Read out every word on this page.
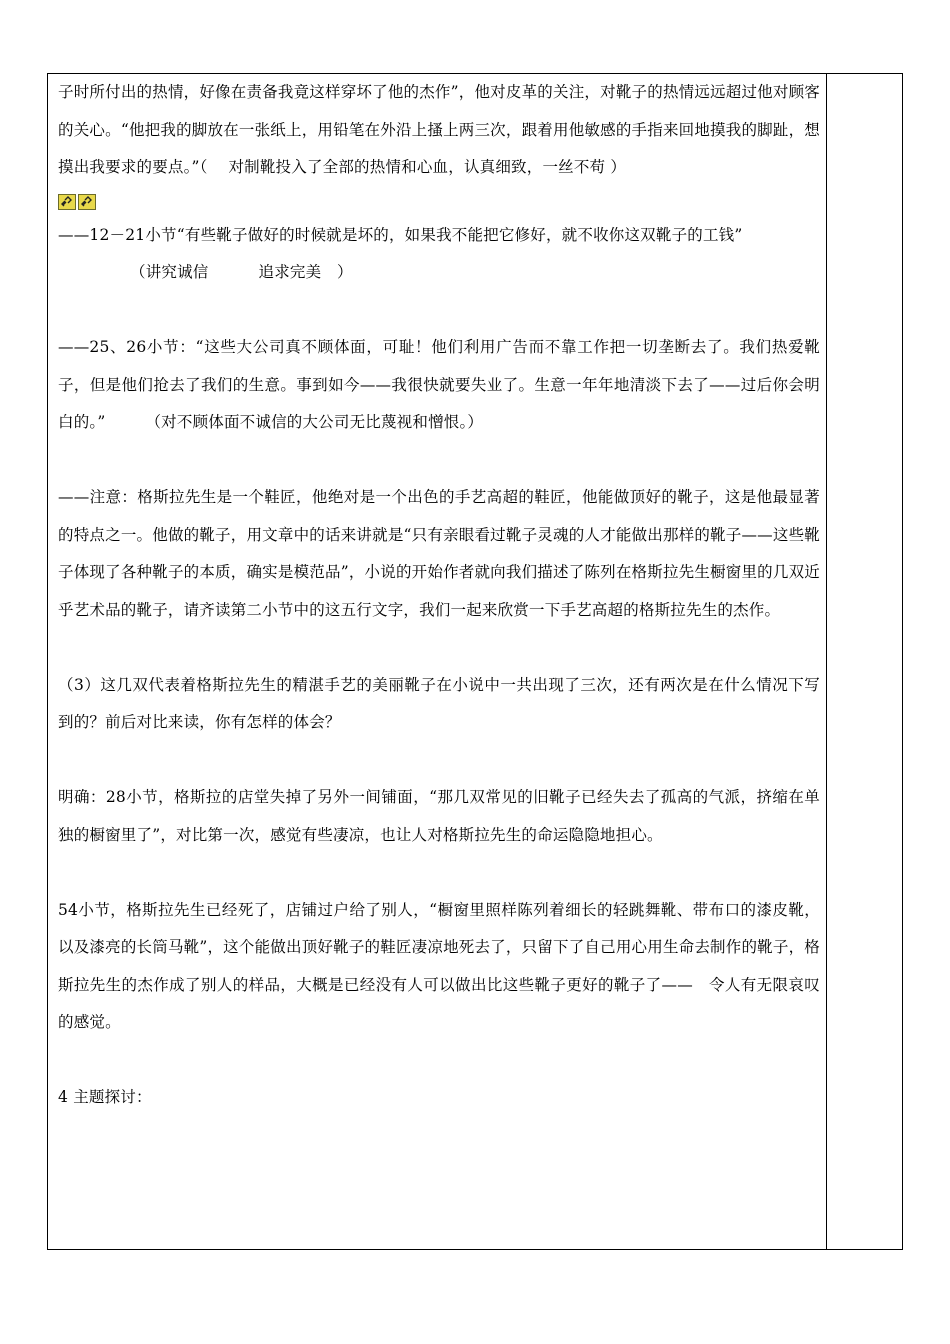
子时所付出的热情，好像在责备我竟这样穿坏了他的杰作”，他对皮革的关注，对靴子的热情远远超过他对顾客的关心。“他把我的脚放在一张纸上，用铅笔在外沿上搔上两三次，跟着用他敏感的手指来回地摸我的脚趾，想摸出我要求的要点。”（　 对制靴投入了全部的热情和心血，认真细致，一丝不苟 ）

——12－21小节“有些靴子做好的时候就是坏的，如果我不能把它修好，就不收你这双靴子的工钱”

（讲究诚信	追求完美　）

——25、26小节：“这些大公司真不顾体面，可耻！他们利用广告而不靠工作把一切垄断去了。我们热爱靴子，但是他们抢去了我们的生意。事到如今——我很快就要失业了。生意一年年地清淡下去了——过后你会明白的。”	（对不顾体面不诚信的大公司无比蔑视和憎恨。）

——注意：格斯拉先生是一个鞋匠，他绝对是一个出色的手艺高超的鞋匠，他能做顶好的靴子，这是他最显著的特点之一。他做的靴子，用文章中的话来讲就是“只有亲眼看过靴子灵魂的人才能做出那样的靴子——这些靴子体现了各种靴子的本质，确实是模范品”，小说的开始作者就向我们描述了陈列在格斯拉先生橱窗里的几双近乎艺术品的靴子，请齐读第二小节中的这五行文字，我们一起来欣赏一下手艺高超的格斯拉先生的杰作。

（3）这几双代表着格斯拉先生的精湛手艺的美丽靴子在小说中一共出现了三次，还有两次是在什么情况下写到的？前后对比来读，你有怎样的体会？

明确：28小节，格斯拉的店堂失掉了另外一间铺面，“那几双常见的旧靴子已经失去了孤高的气派，挤缩在单独的橱窗里了”，对比第一次，感觉有些凄凉，也让人对格斯拉先生的命运隐隐地担心。

54小节，格斯拉先生已经死了，店铺过户给了别人，“橱窗里照样陈列着细长的轻跳舞靴、带布口的漆皮靴，以及漆亮的长筒马靴”，这个能做出顶好靴子的鞋匠凄凉地死去了，只留下了自己用心用生命去制作的靴子，格斯拉先生的杰作成了别人的样品，大概是已经没有人可以做出比这些靴子更好的靴子了——　令人有无限哀叹的感觉。

4 主题探讨：
